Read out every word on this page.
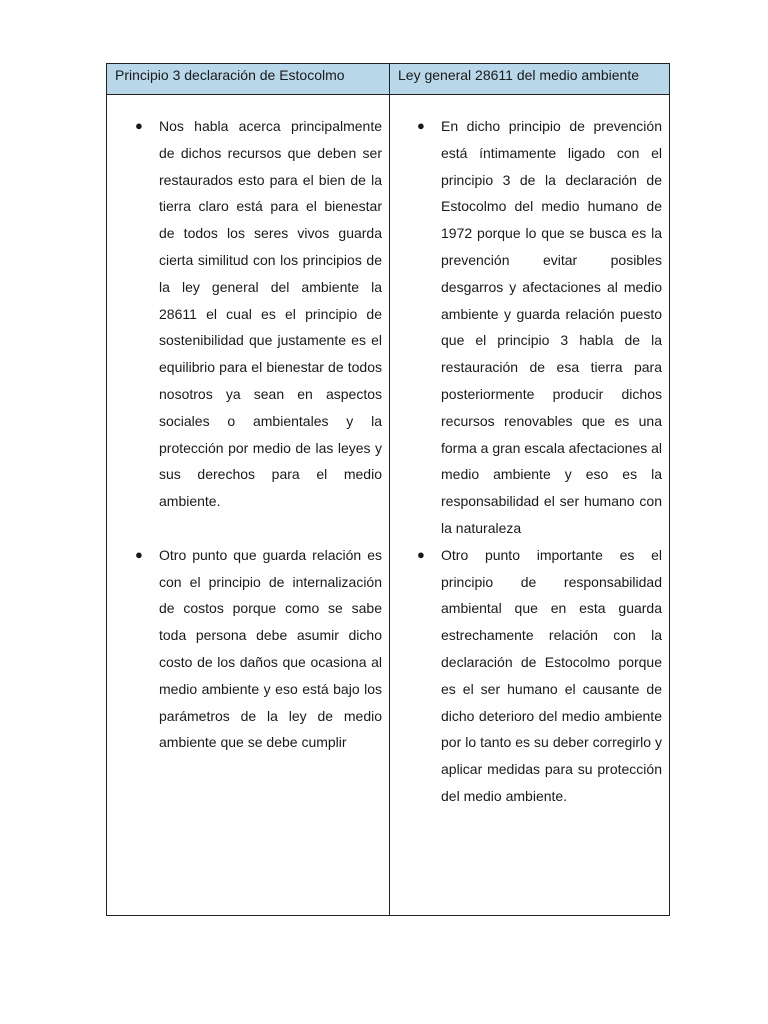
Principio 3 declaración de Estocolmo	Ley general 28611 del medio ambiente
● Nos habla acerca principalmente de dichos recursos que deben ser restaurados esto para el bien de la tierra claro está para el bienestar de todos los seres vivos guarda cierta similitud con los principios de la ley general del ambiente la 28611 el cual es el principio de sostenibilidad que justamente es el equilibrio para el bienestar de todos nosotros ya sean en aspectos sociales o ambientales y la protección por medio de las leyes y sus derechos para el medio ambiente.
● Otro punto que guarda relación es con el principio de internalización de costos porque como se sabe toda persona debe asumir dicho costo de los daños que ocasiona al medio ambiente y eso está bajo los parámetros de la ley de medio ambiente que se debe cumplir
● En dicho principio de prevención está íntimamente ligado con el principio 3 de la declaración de Estocolmo del medio humano de 1972 porque lo que se busca es la prevención evitar posibles desgarros y afectaciones al medio ambiente y guarda relación puesto que el principio 3 habla de la restauración de esa tierra para posteriormente producir dichos recursos renovables que es una forma a gran escala afectaciones al medio ambiente y eso es la responsabilidad el ser humano con la naturaleza
● Otro punto importante es el principio de responsabilidad ambiental que en esta guarda estrechamente relación con la declaración de Estocolmo porque es el ser humano el causante de dicho deterioro del medio ambiente por lo tanto es su deber corregirlo y aplicar medidas para su protección del medio ambiente.
